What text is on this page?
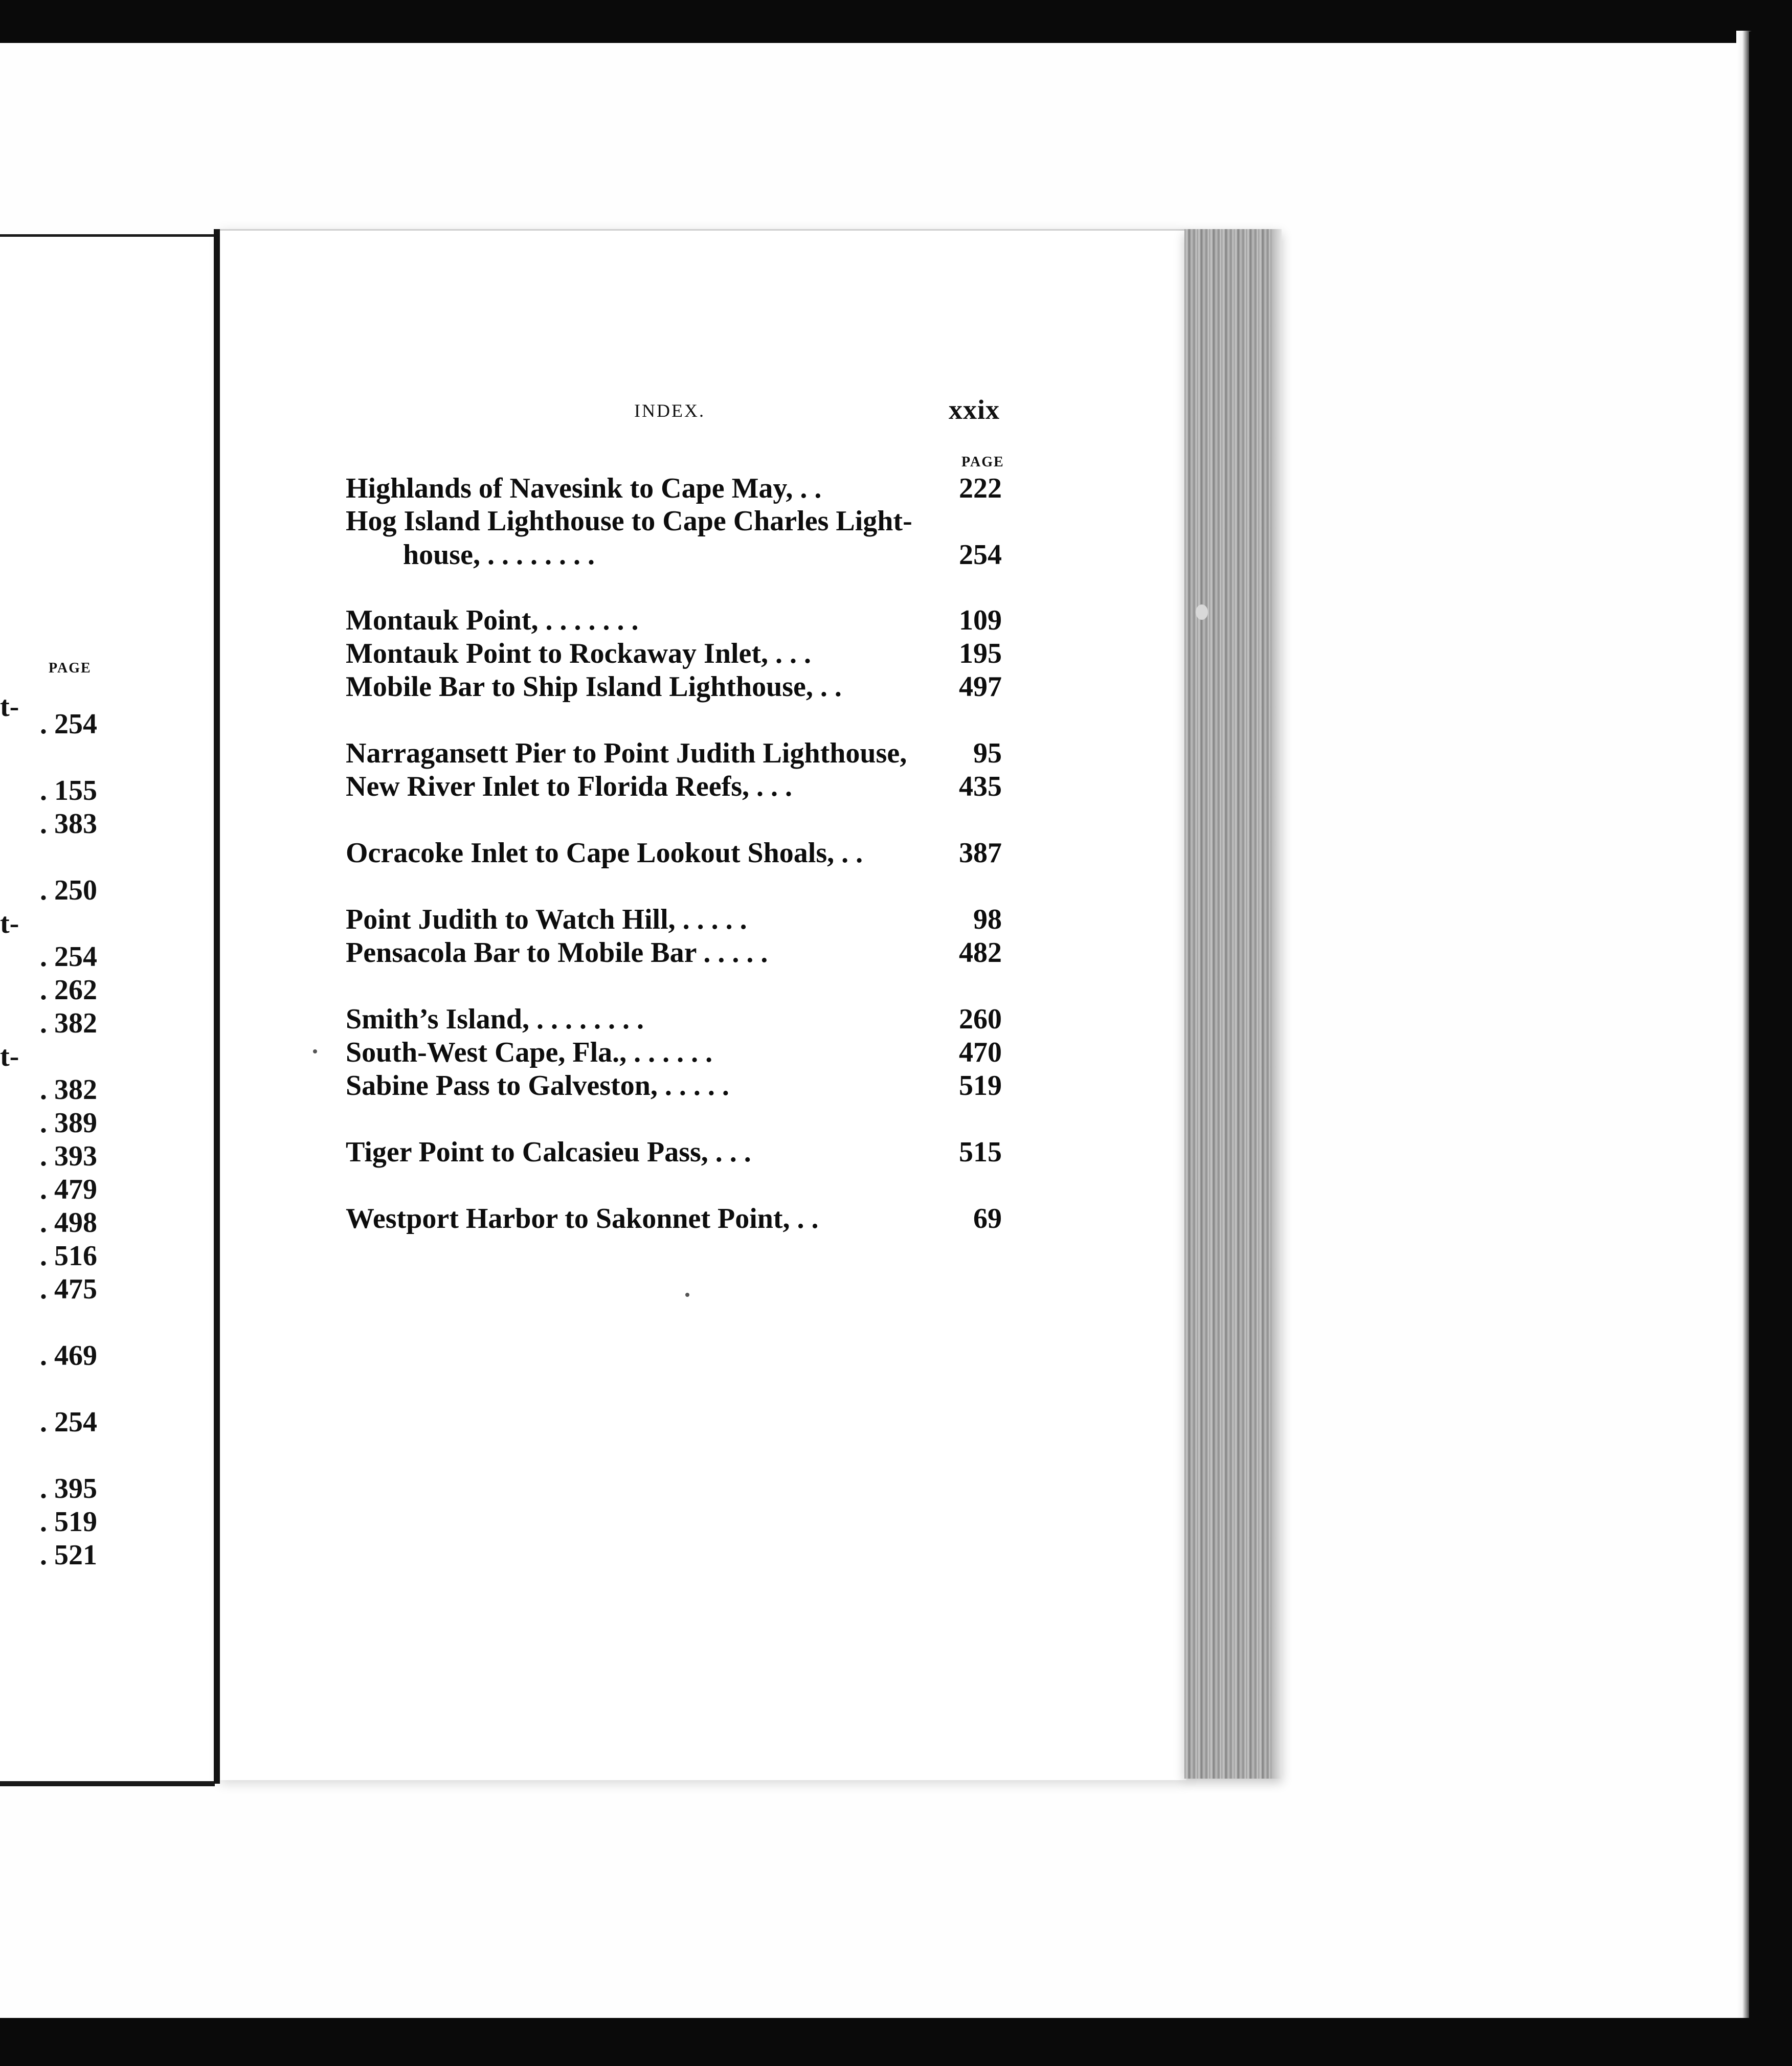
PAGE
t-
. 254
. 155
. 383
. 250
t-
. 254
. 262
. 382
t-
. 382
. 389
. 393
. 479
. 498
. 516
. 475
. 469
. 254
. 395
. 519
. 521
INDEX.	xxix
PAGE
Highlands of Navesink to Cape May, . .	222
Hog Island Lighthouse to Cape Charles Light-
house, . . . . . . . .	254
Montauk Point, . . . . . . .	109
Montauk Point to Rockaway Inlet, . . .	195
Mobile Bar to Ship Island Lighthouse, . .	497
Narragansett Pier to Point Judith Lighthouse, 95
New River Inlet to Florida Reefs, . . .	435
Ocracoke Inlet to Cape Lookout Shoals, . .	387
Point Judith to Watch Hill, . . . . .	98
Pensacola Bar to Mobile Bar . . . . .	482
Smith’s Island, . . . . . . . .	260
South-West Cape, Fla., . . . . . .	470
Sabine Pass to Galveston, . . . . .	519
Tiger Point to Calcasieu Pass, . . .	515
Westport Harbor to Sakonnet Point, . .	69
